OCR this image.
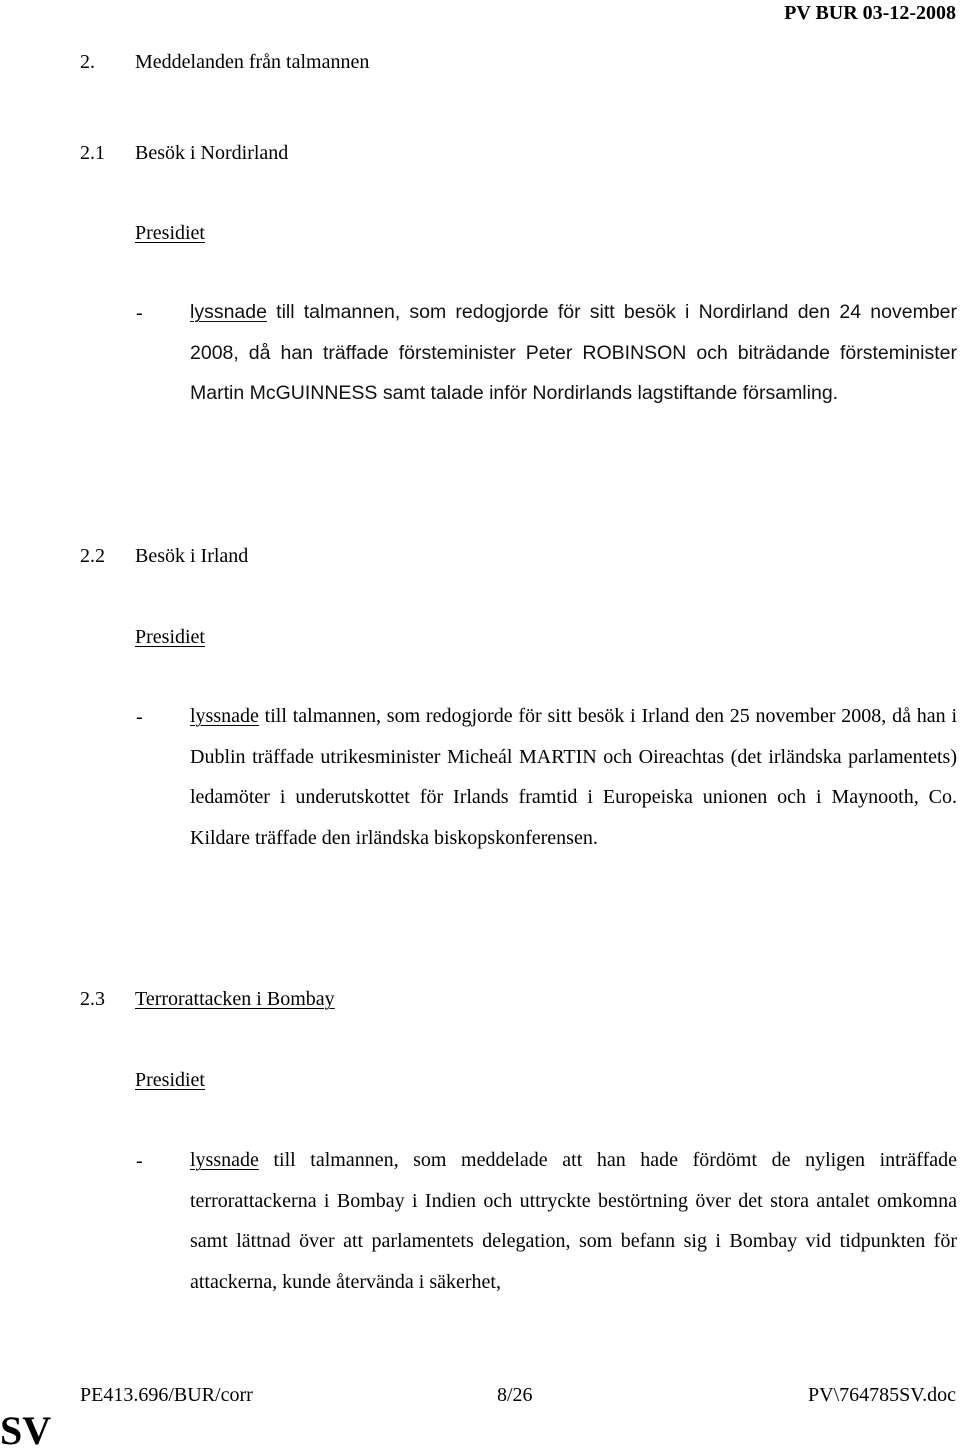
PV BUR 03-12-2008
2. Meddelanden från talmannen
2.1 Besök i Nordirland
Presidiet
- lyssnade till talmannen, som redogjorde för sitt besök i Nordirland den 24 november 2008, då han träffade försteminister Peter ROBINSON och biträdande försteminister Martin McGUINNESS samt talade inför Nordirlands lagstiftande församling.

2.2 Besök i Irland
Presidiet
- lyssnade till talmannen, som redogjorde för sitt besök i Irland den 25 november 2008, då han i Dublin träffade utrikesminister Micheál MARTIN och Oireachtas (det irländska parlamentets) ledamöter i underutskottet för Irlands framtid i Europeiska unionen och i Maynooth, Co. Kildare träffade den irländska biskopskonferensen.

2.3 Terrorattacken i Bombay
Presidiet
- lyssnade till talmannen, som meddelade att han hade fördömt de nyligen inträffade terrorattackerna i Bombay i Indien och uttryckte bestörtning över det stora antalet omkomna samt lättnad över att parlamentets delegation, som befann sig i Bombay vid tidpunkten för attackerna, kunde återvända i säkerhet,

PE413.696/BUR/corr	8/26	PV\764785SV.doc
SV
